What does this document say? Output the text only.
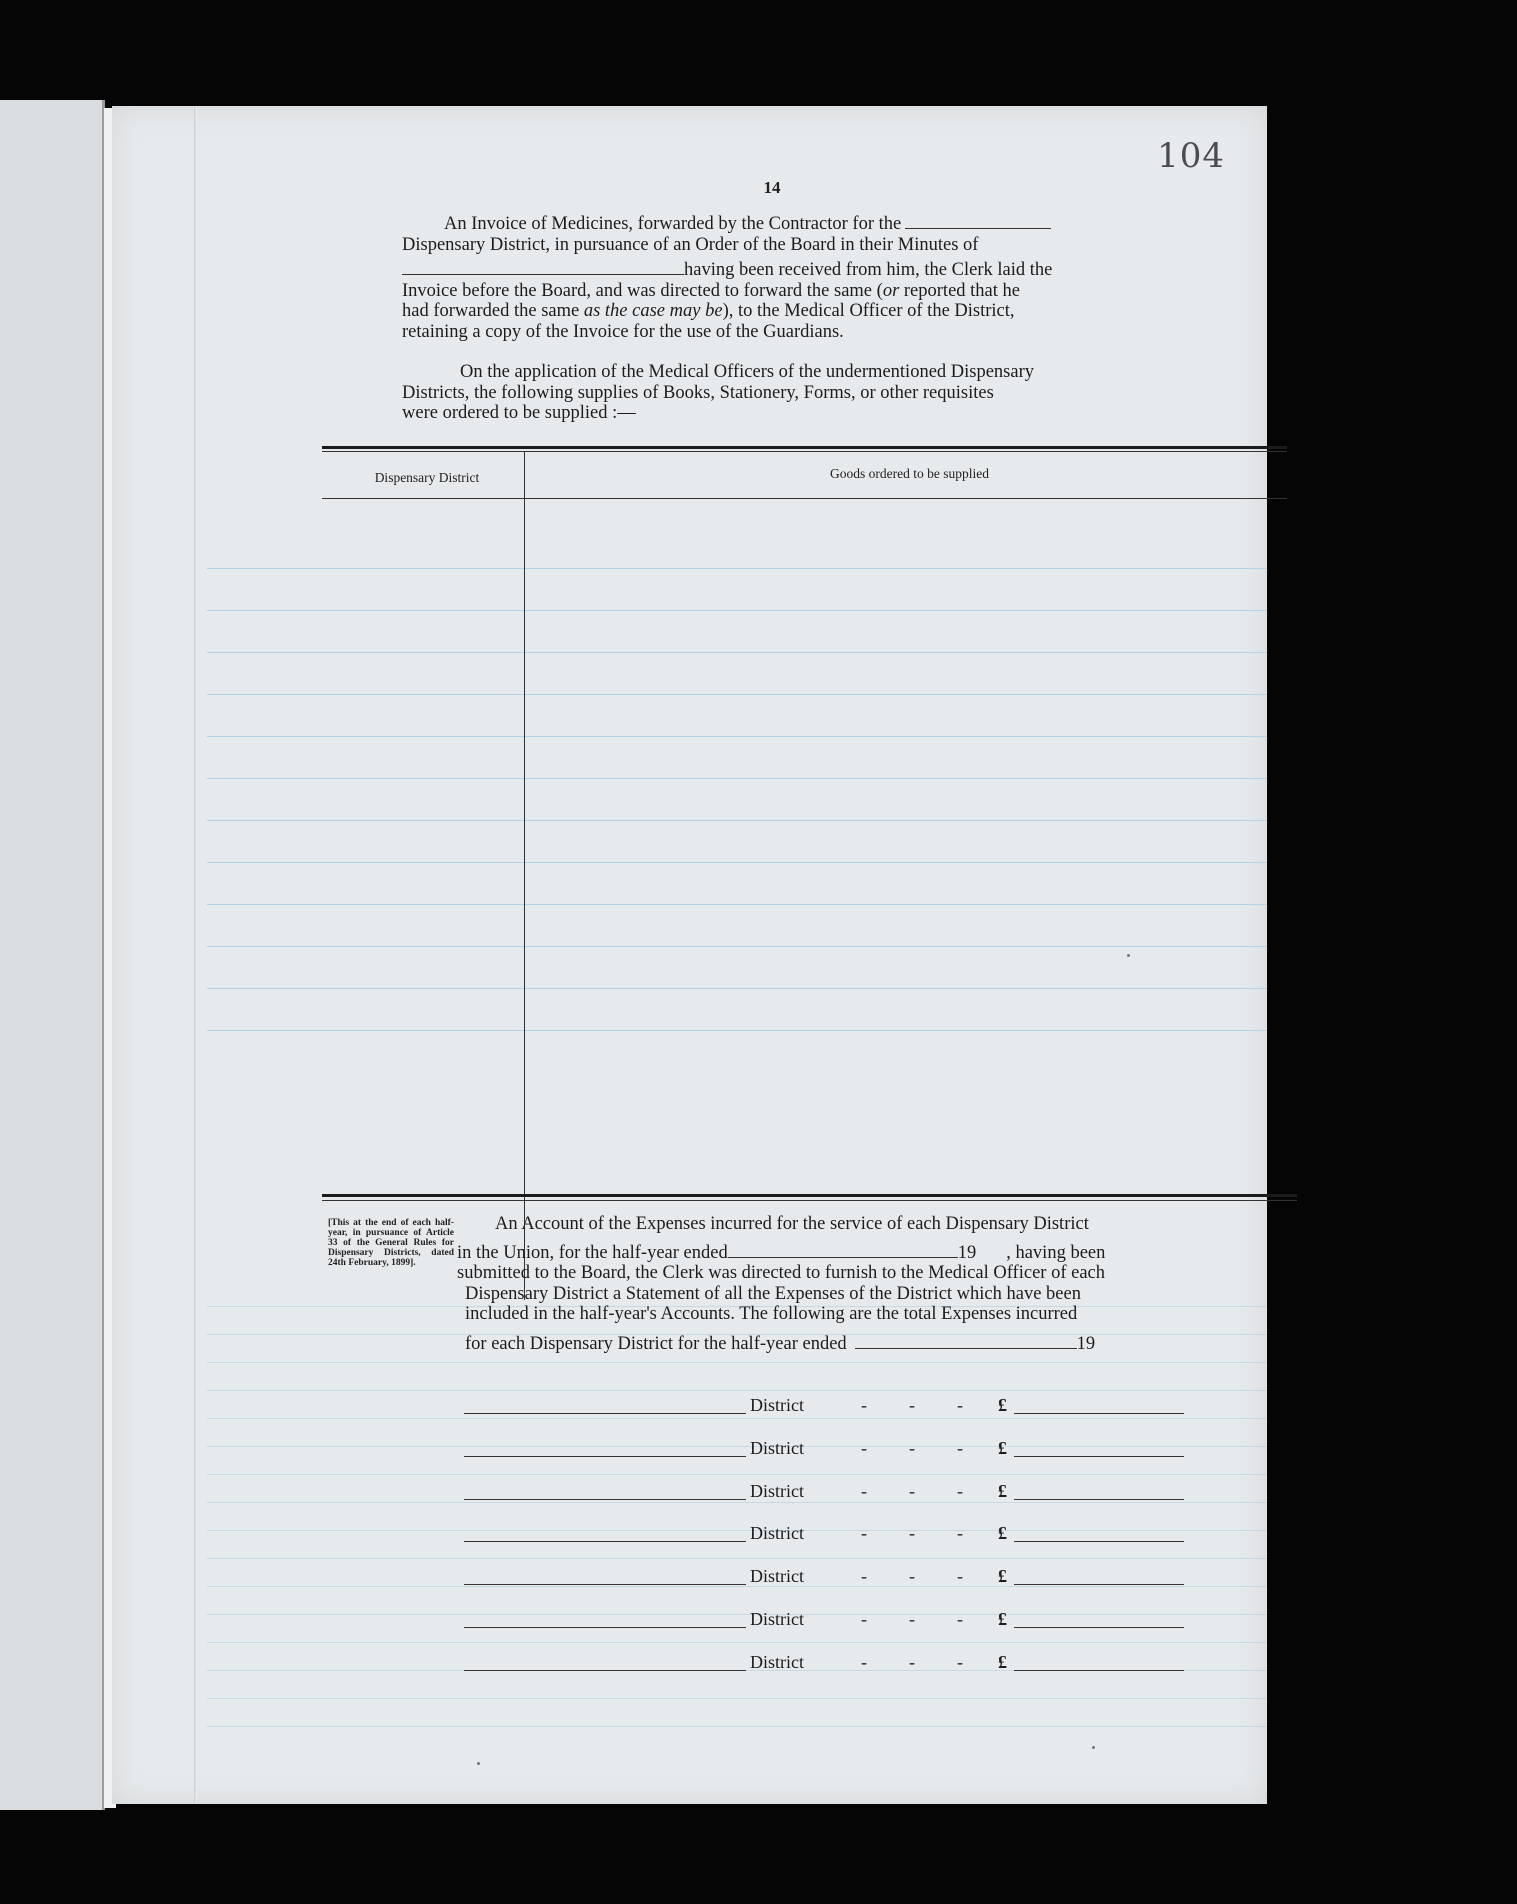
104
14
An Invoice of Medicines, forwarded by the Contractor for the
Dispensary District, in pursuance of an Order of the Board in their Minutes of
having been received from him, the Clerk laid the
Invoice before the Board, and was directed to forward the same (or reported that he
had forwarded the same as the case may be), to the Medical Officer of the District,
retaining a copy of the Invoice for the use of the Guardians.
On the application of the Medical Officers of the undermentioned Dispensary
Districts, the following supplies of Books, Stationery, Forms, or other requisites
were ordered to be supplied :—
Dispensary District	Goods ordered to be supplied
[This at the end of each half-year, in pursuance of Article 33 of the General Rules for Dispensary Districts, dated 24th February, 1899].
An Account of the Expenses incurred for the service of each Dispensary District
in the Union, for the half-year ended	19 , having been
submitted to the Board, the Clerk was directed to furnish to the Medical Officer of each
Dispensary District a Statement of all the Expenses of the District which have been
included in the half-year's Accounts. The following are the total Expenses incurred
for each Dispensary District for the half-year ended	19
District	- - - £
District	- - - £
District	- - - £
District	- - - £
District	- - - £
District	- - - £
District	- - - £
